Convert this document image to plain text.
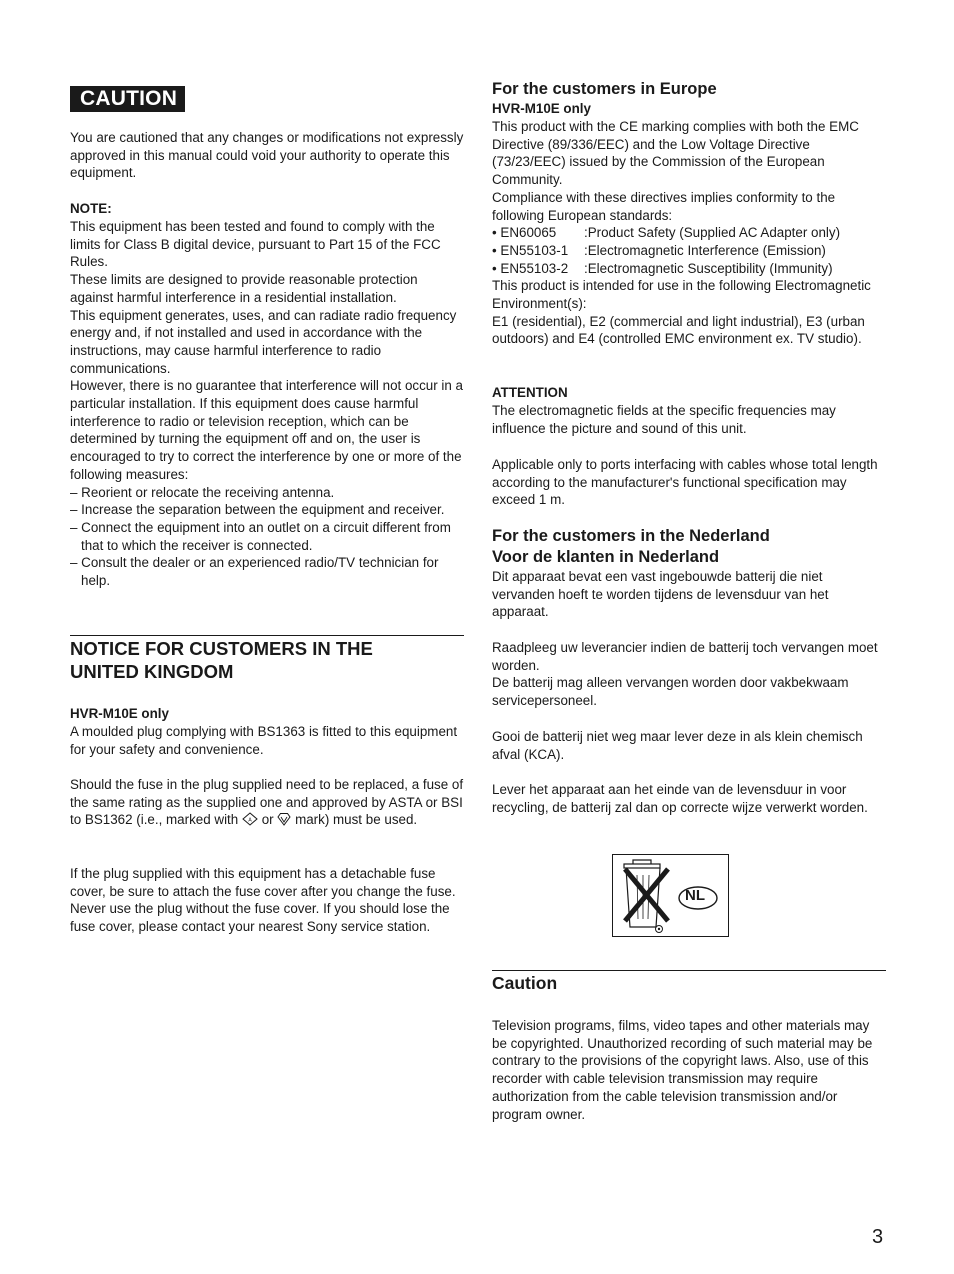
CAUTION

You are cautioned that any changes or modifications not expressly approved in this manual could void your authority to operate this equipment.

NOTE:

This equipment has been tested and found to comply with the limits for Class B digital device, pursuant to Part 15 of the FCC Rules.

These limits are designed to provide reasonable protection against harmful interference in a residential installation.

This equipment generates, uses, and can radiate radio frequency energy and, if not installed and used in accordance with the instructions, may cause harmful interference to radio communications.

However, there is no guarantee that interference will not occur in a particular installation. If this equipment does cause harmful interference to radio or television reception, which can be determined by turning the equipment off and on, the user is encouraged to try to correct the interference by one or more of the following measures:

– Reorient or relocate the receiving antenna.

– Increase the separation between the equipment and receiver.

– Connect the equipment into an outlet on a circuit different from that to which the receiver is connected.

– Consult the dealer or an experienced radio/TV technician for help.

NOTICE FOR CUSTOMERS IN THE

UNITED KINGDOM

HVR-M10E only

A moulded plug complying with BS1363 is fitted to this equipment for your safety and convenience.

Should the fuse in the plug supplied need to be replaced, a fuse of the same rating as the supplied one and approved by ASTA or BSI to BS1362 (i.e., marked with A or mark) must be used.

If the plug supplied with this equipment has a detachable fuse cover, be sure to attach the fuse cover after you change the fuse. Never use the plug without the fuse cover. If you should lose the fuse cover, please contact your nearest Sony service station.

For the customers in Europe

HVR-M10E only

This product with the CE marking complies with both the EMC Directive (89/336/EEC) and the Low Voltage Directive (73/23/EEC) issued by the Commission of the European Community.

Compliance with these directives implies conformity to the following European standards:

• EN60065	:Product Safety (Supplied AC Adapter only)
• EN55103-1	:Electromagnetic Interference (Emission)
• EN55103-2	:Electromagnetic Susceptibility (Immunity)

This product is intended for use in the following Electromagnetic Environment(s):

E1 (residential), E2 (commercial and light industrial), E3 (urban outdoors) and E4 (controlled EMC environment ex. TV studio).

ATTENTION

The electromagnetic fields at the specific frequencies may influence the picture and sound of this unit.

Applicable only to ports interfacing with cables whose total length according to the manufacturer's functional specification may exceed 1 m.

For the customers in the Nederland

Voor de klanten in Nederland

Dit apparaat bevat een vast ingebouwde batterij die niet vervanden hoeft te worden tijdens de levensduur van het apparaat.

Raadpleeg uw leverancier indien de batterij toch vervangen moet worden.

De batterij mag alleen vervangen worden door vakbekwaam servicepersoneel.

Gooi de batterij niet weg maar lever deze in als klein chemisch afval (KCA).

Lever het apparaat aan het einde van de levensduur in voor recycling, de batterij zal dan op correcte wijze verwerkt worden.

NL

Caution

Television programs, films, video tapes and other materials may be copyrighted. Unauthorized recording of such material may be contrary to the provisions of the copyright laws. Also, use of this recorder with cable television transmission may require authorization from the cable television transmission and/or program owner.

3
